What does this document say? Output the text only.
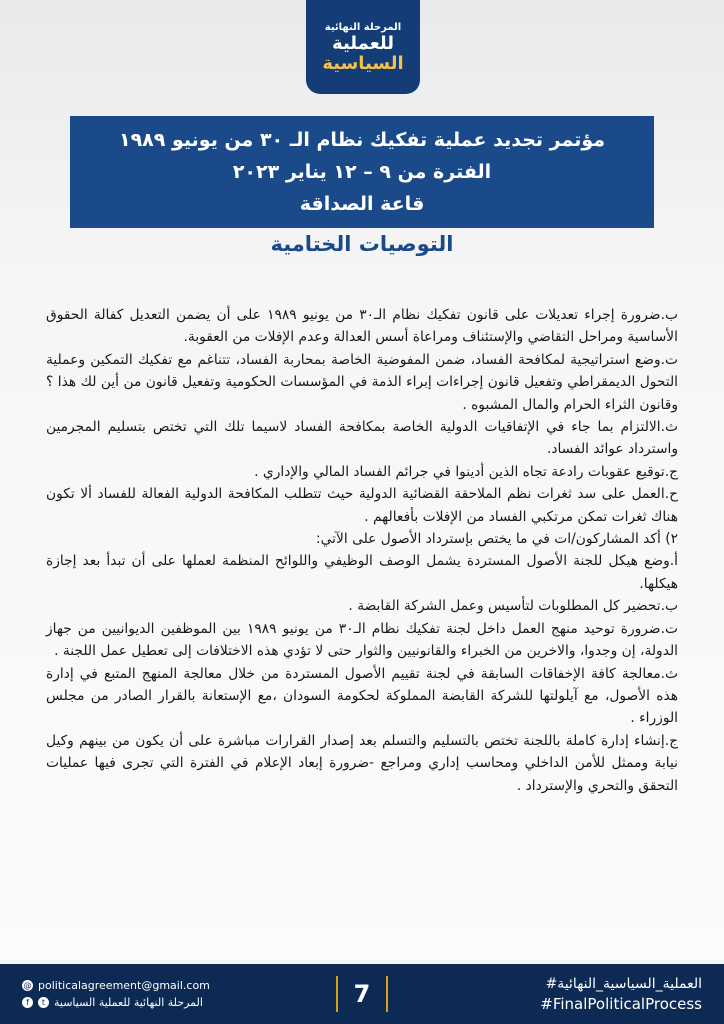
المرحلة النهائية
للعملية
السياسية
مؤتمر تجديد عملية تفكيك نظام الـ ٣٠ من يونيو ١٩٨٩
الفترة من ٩ – ١٢ يناير ٢٠٢٣
قاعة الصداقة
التوصيات الختامية

ب.ضرورة إجراء تعديلات على قانون تفكيك نظام الـ٣٠ من يونيو ١٩٨٩ على أن يضمن التعديل كفالة الحقوق الأساسية ومراحل التقاضي والإستئناف ومراعاة أسس العدالة وعدم الإفلات من العقوبة.

ت.وضع استراتيجية لمكافحة الفساد، ضمن المفوضية الخاصة بمحاربة الفساد، تتناغم مع تفكيك التمكين وعملية التحول الديمقراطي وتفعيل قانون إجراءات إبراء الذمة في المؤسسات الحكومية وتفعيل قانون من أين لك هذا ؟ وقانون الثراء الحرام والمال المشبوه .

ث.الالتزام بما جاء في الإتفاقيات الدولية الخاصة بمكافحة الفساد لاسيما تلك التي تختص بتسليم المجرمين واسترداد عوائد الفساد.

ج.توقيع عقوبات رادعة تجاه الذين أدينوا في جرائم الفساد المالي والإداري .

ح.العمل على سد ثغرات نظم الملاحقة القضائية الدولية حيث تتطلب المكافحة الدولية الفعالة للفساد ألا تكون هناك ثغرات تمكن مرتكبي الفساد من الإفلات بأفعالهم .

٢) أكد المشاركون/ات في ما يختص بإسترداد الأصول على الآتي:

أ.وضع هيكل للجنة الأصول المستردة يشمل الوصف الوظيفي واللوائح المنظمة لعملها على أن تبدأ بعد إجازة هيكلها.

ب.تحضير كل المطلوبات لتأسيس وعمل الشركة القابضة .

ت.ضرورة توحيد منهج العمل داخل لجنة تفكيك نظام الـ٣٠ من يونيو ١٩٨٩ بين الموظفين الديوانيين من جهاز الدولة، إن وجدوا، والاخرين من الخبراء والقانونيين والثوار حتى لا تؤدي هذه الاختلافات إلى تعطيل عمل اللجنة .

ث.معالجة كافة الإخفاقات السابقة في لجنة تقييم الأصول المستردة من خلال معالجة المنهج المتبع في إدارة هذه الأصول، مع آيلولتها للشركة القابضة المملوكة لحكومة السودان ،مع الإستعانة بالقرار الصادر من مجلس الوزراء .

ج.إنشاء إدارة كاملة باللجنة تختص بالتسليم والتسلم بعد إصدار القرارات مباشرة على أن يكون من بينهم وكيل نيابة وممثل للأمن الداخلي ومحاسب إداري ومراجع -ضرورة إبعاد الإعلام في الفترة التي تجرى فيها عمليات التحقق والتحري والإسترداد .

@ politicalagreement@gmail.com
f	t المرحلة النهائية للعملية السياسية	7	#العملية_السياسية_النهائية
#FinalPoliticalProcess
